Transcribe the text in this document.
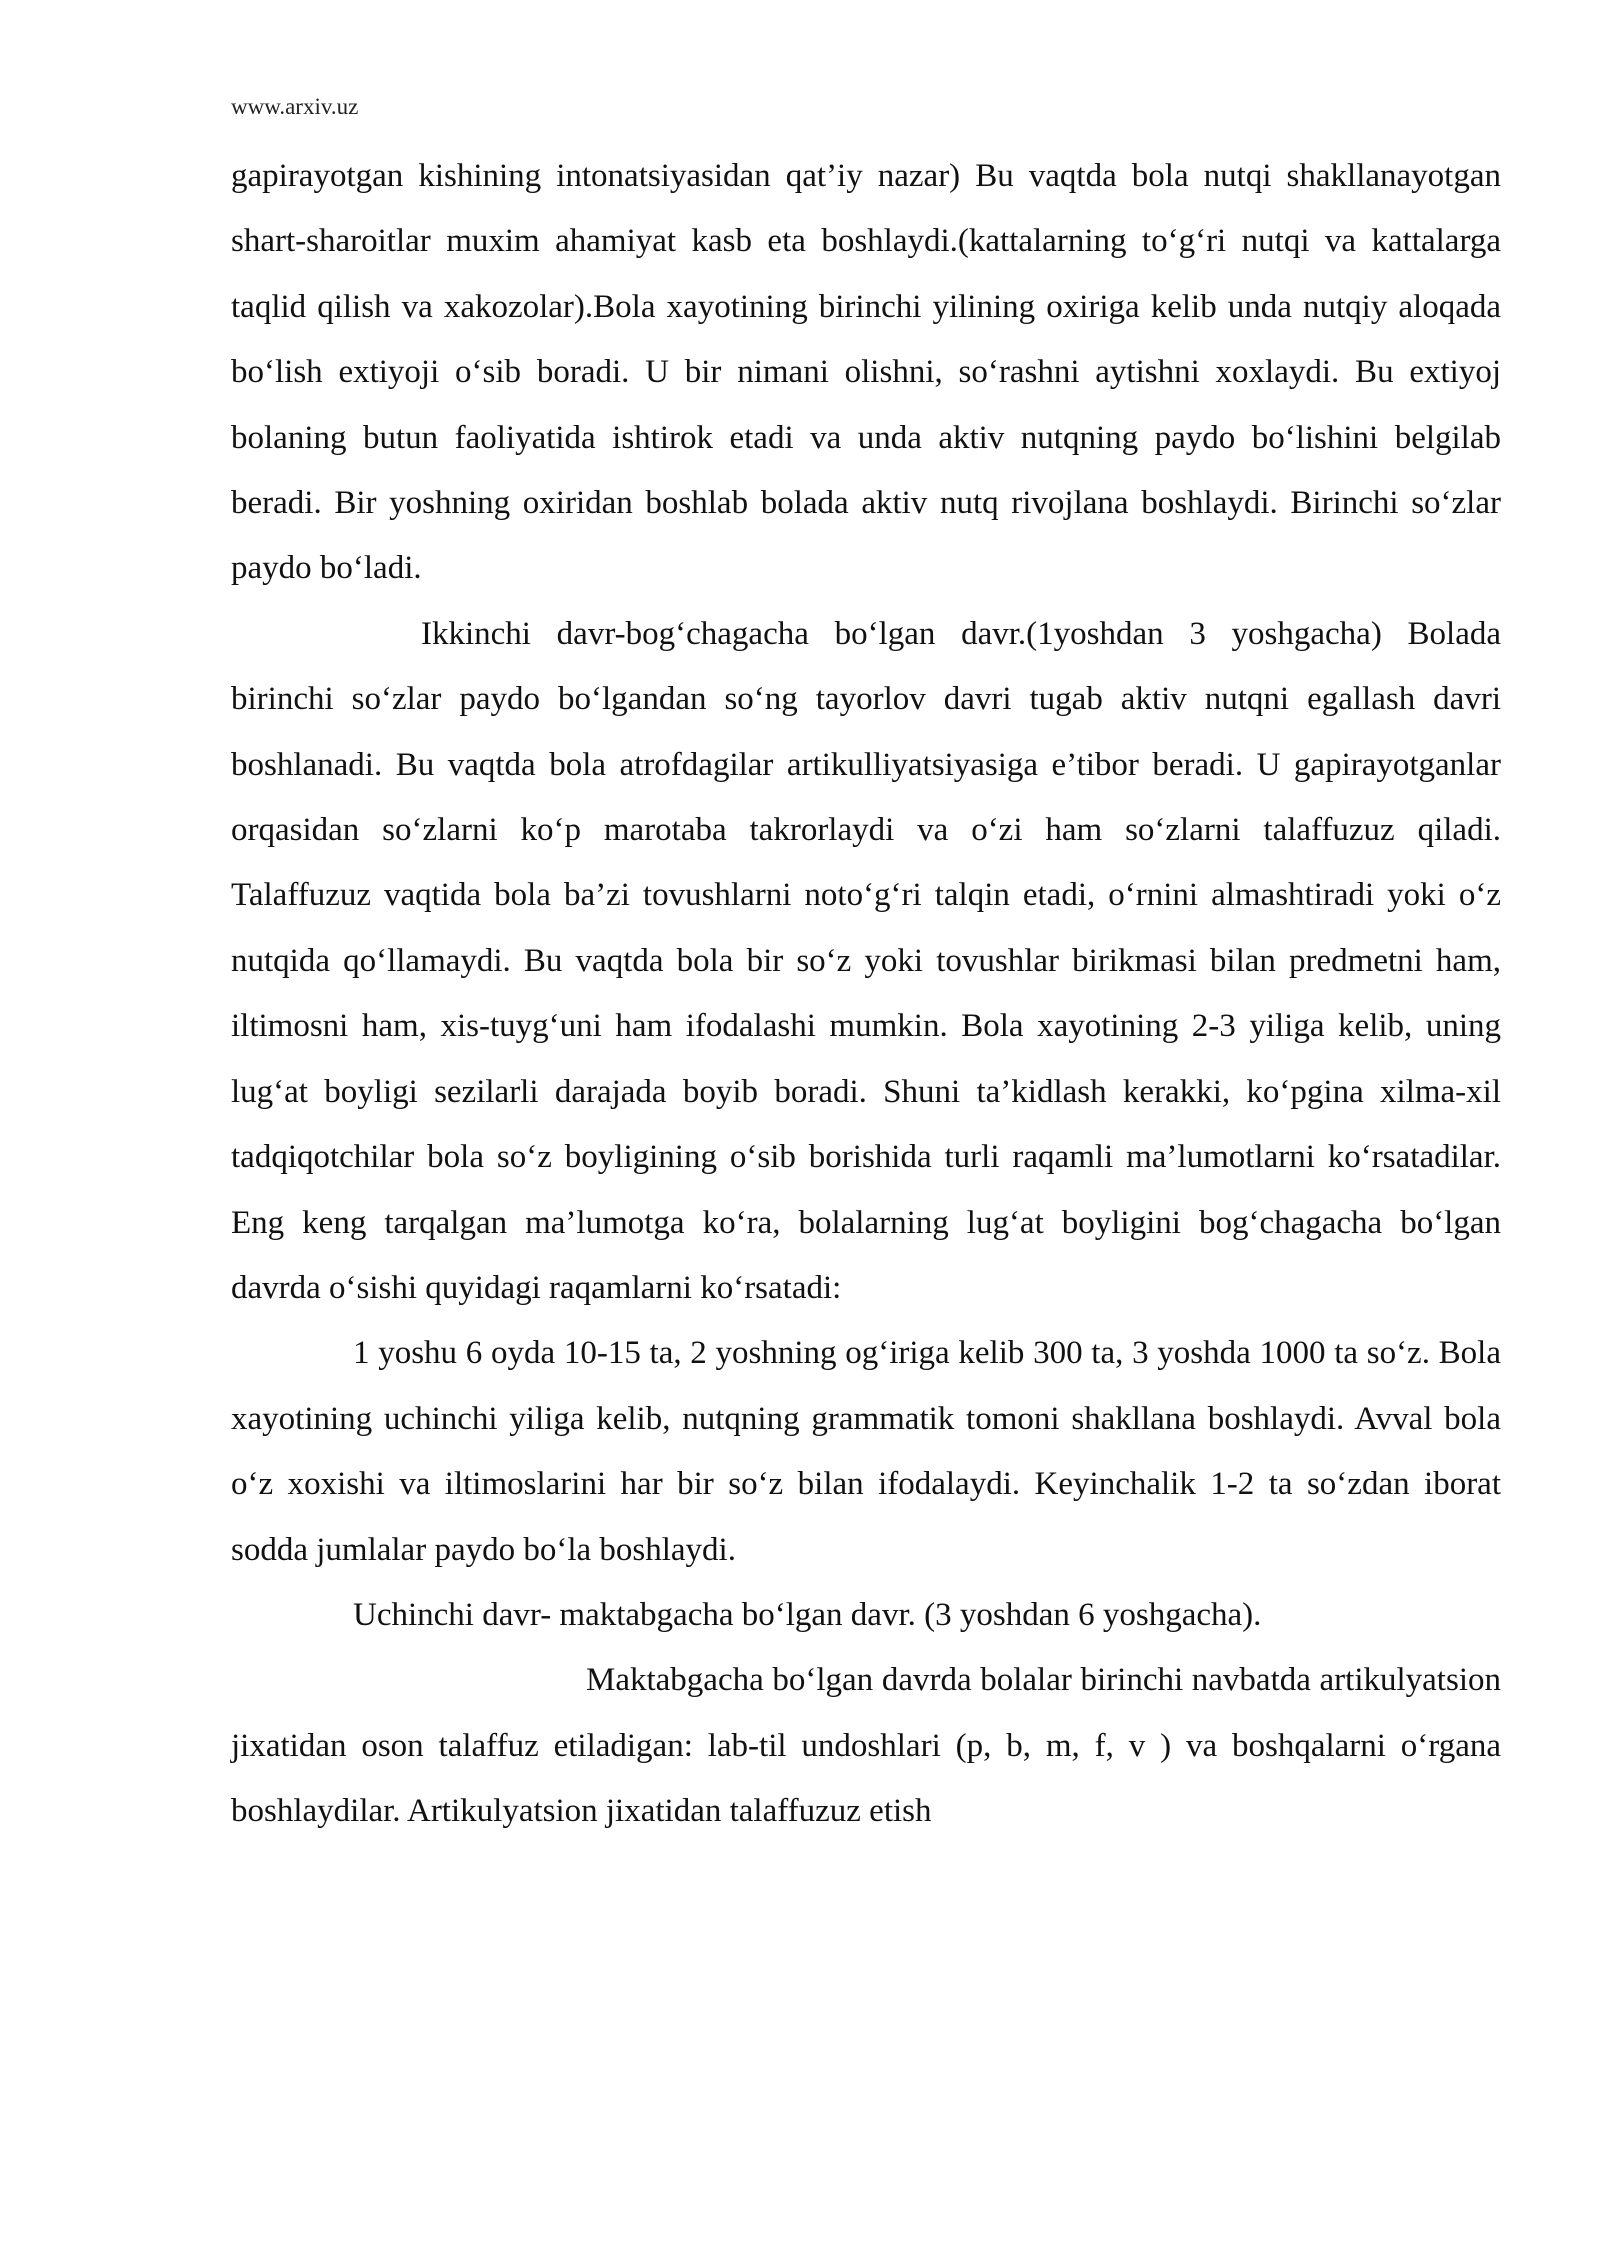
www.arxiv.uz

gapirayotgan kishining intonatsiyasidan qat’iy nazar) Bu vaqtda bola nutqi shakllanayotgan shart-sharoitlar muxim ahamiyat kasb eta boshlaydi.(kattalarning to‘g‘ri nutqi va kattalarga taqlid qilish va xakozolar).Bola xayotining birinchi yilining oxiriga kelib unda nutqiy aloqada bo‘lish extiyoji o‘sib boradi. U bir nimani olishni, so‘rashni aytishni xoxlaydi. Bu extiyoj bolaning butun faoliyatida ishtirok etadi va unda aktiv nutqning paydo bo‘lishini belgilab beradi. Bir yoshning oxiridan boshlab bolada aktiv nutq rivojlana boshlaydi. Birinchi so‘zlar paydo bo‘ladi.

Ikkinchi davr-bog‘chagacha bo‘lgan davr.(1yoshdan 3 yoshgacha) Bolada birinchi so‘zlar paydo bo‘lgandan so‘ng tayorlov davri tugab aktiv nutqni egallash davri boshlanadi. Bu vaqtda bola atrofdagilar artikulliyatsiyasiga e’tibor beradi. U gapirayotganlar orqasidan so‘zlarni ko‘p marotaba takrorlaydi va o‘zi ham so‘zlarni talaffuzuz qiladi. Talaffuzuz vaqtida bola ba’zi tovushlarni noto‘g‘ri talqin etadi, o‘rnini almashtiradi yoki o‘z nutqida qo‘llamaydi. Bu vaqtda bola bir so‘z yoki tovushlar birikmasi bilan predmetni ham, iltimosni ham, xis-tuyg‘uni ham ifodalashi mumkin. Bola xayotining 2-3 yiliga kelib, uning lug‘at boyligi sezilarli darajada boyib boradi. Shuni ta’kidlash kerakki, ko‘pgina xilma-xil tadqiqotchilar bola so‘z boyligining o‘sib borishida turli raqamli ma’lumotlarni ko‘rsatadilar. Eng keng tarqalgan ma’lumotga ko‘ra, bolalarning lug‘at boyligini bog‘chagacha bo‘lgan davrda o‘sishi quyidagi raqamlarni ko‘rsatadi:

1 yoshu 6 oyda 10-15 ta, 2 yoshning og‘iriga kelib 300 ta, 3 yoshda 1000 ta so‘z. Bola xayotining uchinchi yiliga kelib, nutqning grammatik tomoni shakllana boshlaydi. Avval bola o‘z xoxishi va iltimoslarini har bir so‘z bilan ifodalaydi. Keyinchalik 1-2 ta so‘zdan iborat sodda jumlalar paydo bo‘la boshlaydi.

Uchinchi davr- maktabgacha bo‘lgan davr. (3 yoshdan 6 yoshgacha).

Maktabgacha bo‘lgan davrda bolalar birinchi navbatda artikulyatsion jixatidan oson talaffuz etiladigan: lab-til undoshlari (p, b, m, f, v ) va boshqalarni o‘rgana boshlaydilar. Artikulyatsion jixatidan talaffuzuz etish
